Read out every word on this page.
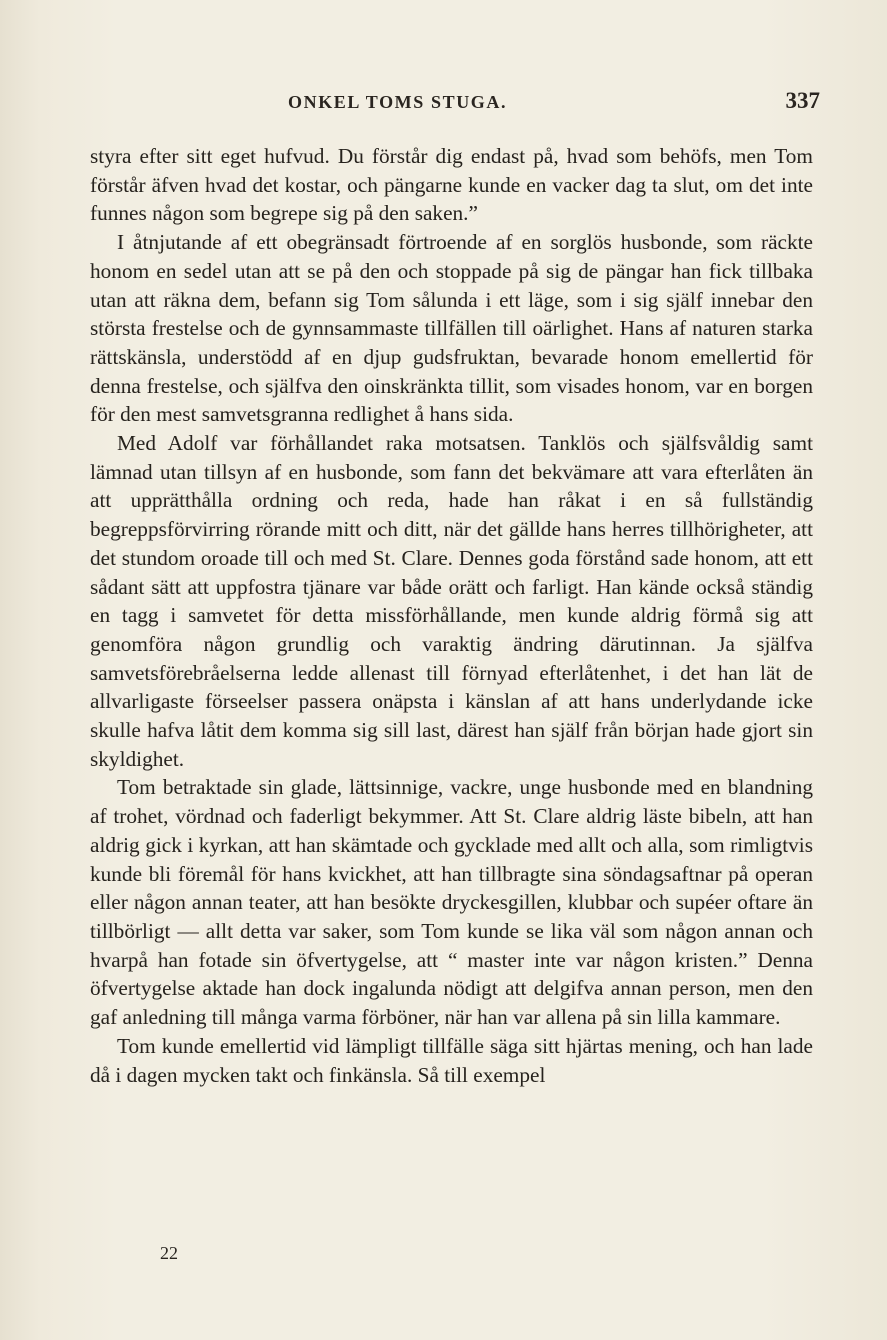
ONKEL TOMS STUGA.	337

styra efter sitt eget hufvud. Du förstår dig endast på, hvad som behöfs, men Tom förstår äfven hvad det kostar, och pängarne kunde en vacker dag ta slut, om det inte funnes någon som begrepe sig på den saken.”

I åtnjutande af ett obegränsadt förtroende af en sorglös husbonde, som räckte honom en sedel utan att se på den och stoppade på sig de pängar han fick tillbaka utan att räkna dem, befann sig Tom sålunda i ett läge, som i sig själf innebar den största frestelse och de gynnsammaste tillfällen till oärlighet. Hans af naturen starka rättskänsla, understödd af en djup gudsfruktan, bevarade honom emellertid för denna frestelse, och själfva den oinskränkta tillit, som visades honom, var en borgen för den mest samvetsgranna redlighet å hans sida.

Med Adolf var förhållandet raka motsatsen. Tanklös och själfsvåldig samt lämnad utan tillsyn af en husbonde, som fann det bekvämare att vara efterlåten än att upprätthålla ordning och reda, hade han råkat i en så fullständig begreppsförvirring rörande mitt och ditt, när det gällde hans herres tillhörigheter, att det stundom oroade till och med St. Clare. Dennes goda förstånd sade honom, att ett sådant sätt att uppfostra tjänare var både orätt och farligt. Han kände också ständig en tagg i samvetet för detta missförhållande, men kunde aldrig förmå sig att genomföra någon grundlig och varaktig ändring därutinnan. Ja själfva samvetsförebråelserna ledde allenast till förnyad efterlåtenhet, i det han lät de allvarligaste förseelser passera onäpsta i känslan af att hans underlydande icke skulle hafva låtit dem komma sig sill last, därest han själf från början hade gjort sin skyldighet.

Tom betraktade sin glade, lättsinnige, vackre, unge husbonde med en blandning af trohet, vördnad och faderligt bekymmer. Att St. Clare aldrig läste bibeln, att han aldrig gick i kyrkan, att han skämtade och gycklade med allt och alla, som rimligtvis kunde bli föremål för hans kvickhet, att han tillbragte sina söndagsaftnar på operan eller någon annan teater, att han besökte dryckesgillen, klubbar och supéer oftare än tillbörligt — allt detta var saker, som Tom kunde se lika väl som någon annan och hvarpå han fotade sin öfvertygelse, att “ master inte var någon kristen.” Denna öfvertygelse aktade han dock ingalunda nödigt att delgifva annan person, men den gaf anledning till många varma förböner, när han var allena på sin lilla kammare.

Tom kunde emellertid vid lämpligt tillfälle säga sitt hjärtas mening, och han lade då i dagen mycken takt och finkänsla. Så till exempel

22
